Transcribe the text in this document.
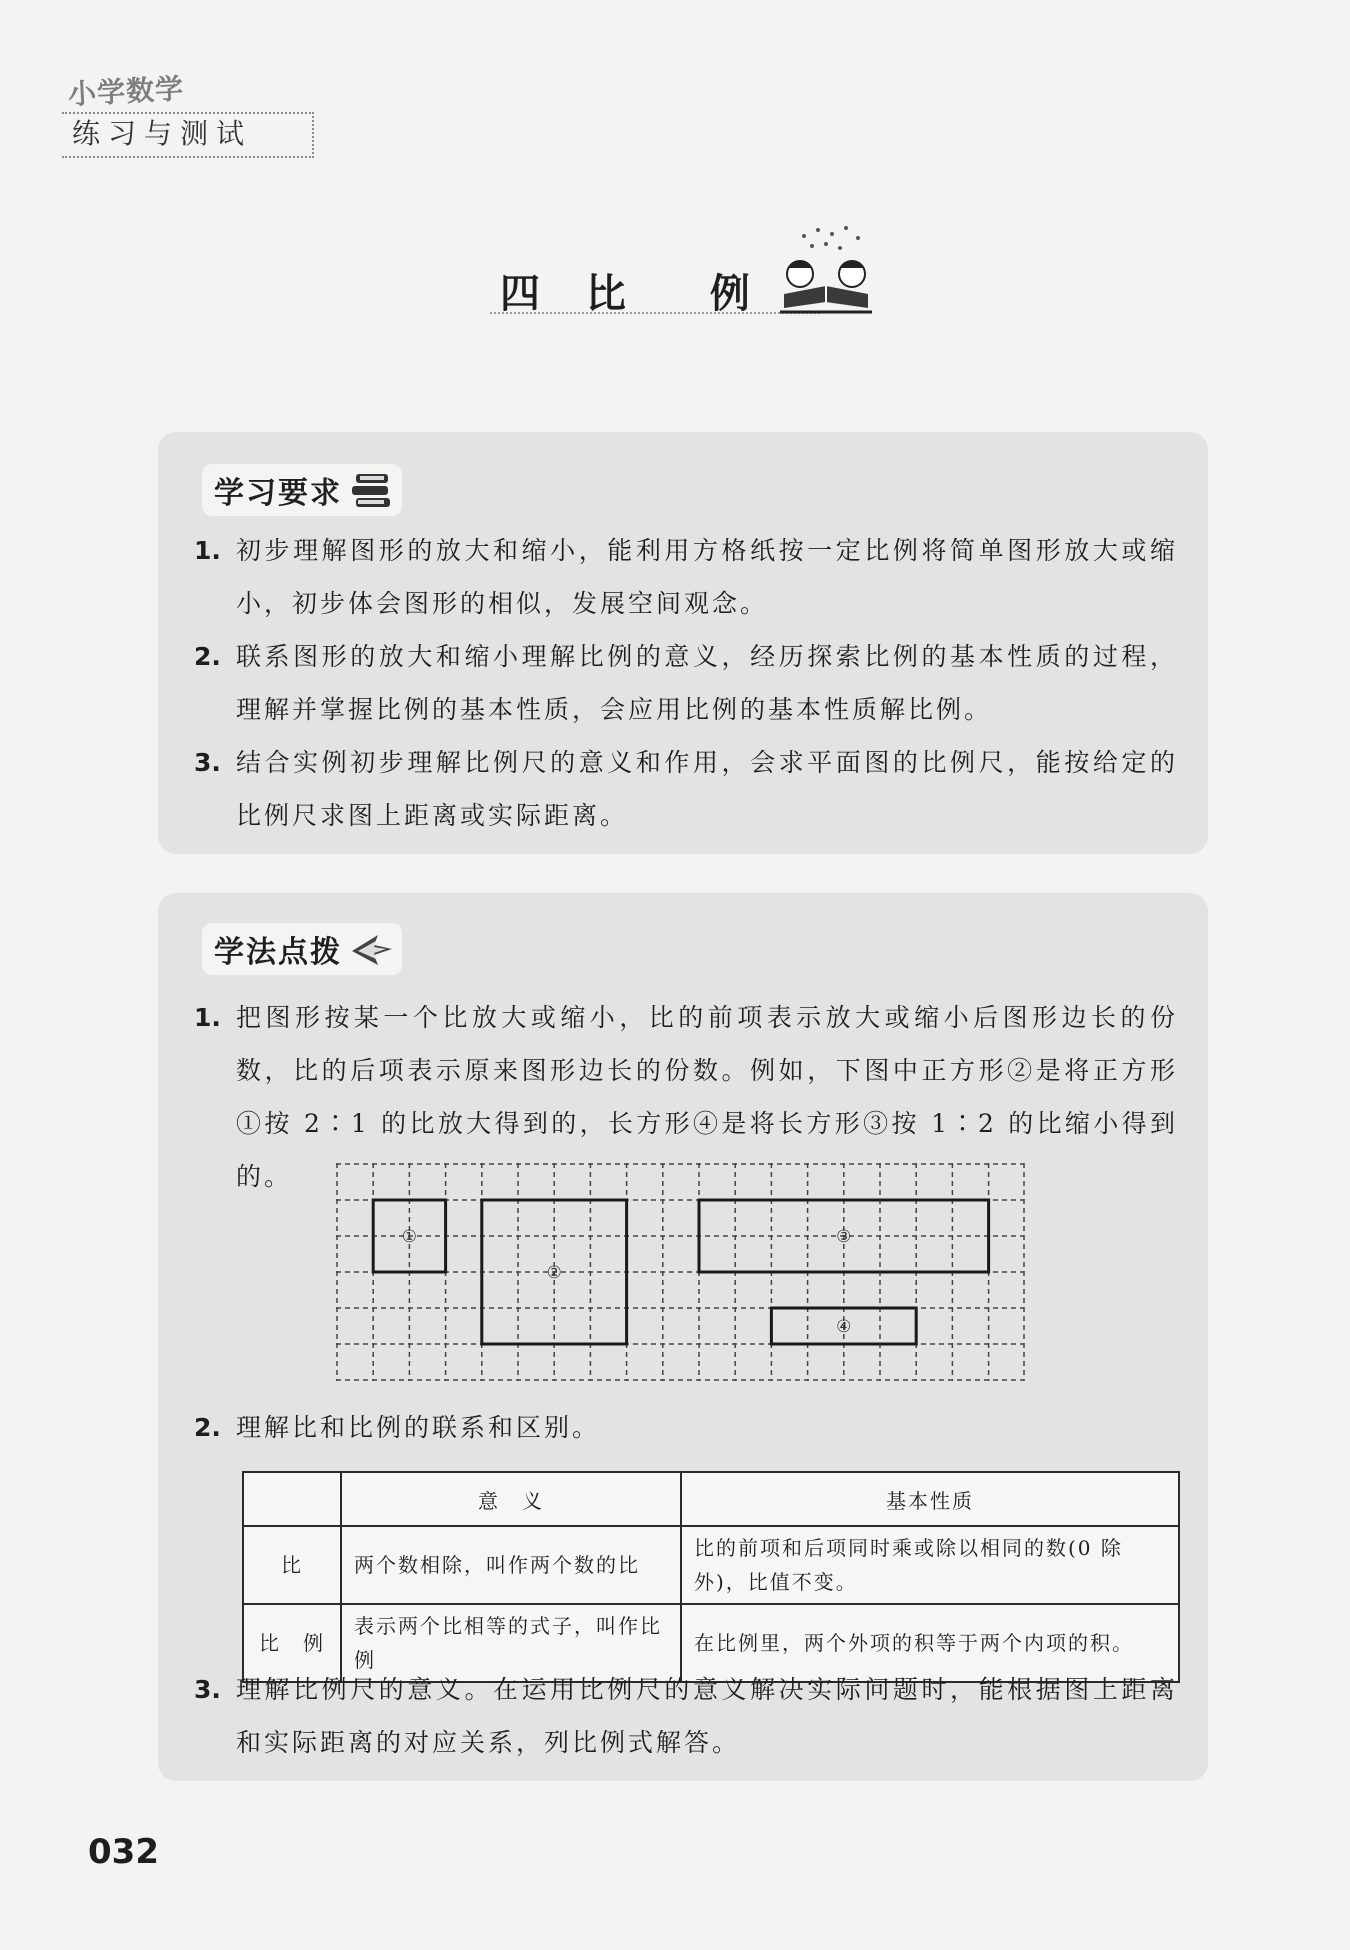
小学数学
练习与测试
四
比 例
学习要求
1. 初步理解图形的放大和缩小，能利用方格纸按一定比例将简单图形放大或缩小，初步体会图形的相似，发展空间观念。
2. 联系图形的放大和缩小理解比例的意义，经历探索比例的基本性质的过程，理解并掌握比例的基本性质，会应用比例的基本性质解比例。
3. 结合实例初步理解比例尺的意义和作用，会求平面图的比例尺，能按给定的比例尺求图上距离或实际距离。
学法点拨
1. 把图形按某一个比放大或缩小，比的前项表示放大或缩小后图形边长的份数，比的后项表示原来图形边长的份数。例如，下图中正方形②是将正方形①按 2∶1 的比放大得到的，长方形④是将长方形③按 1∶2 的比缩小得到的。
①
②
③
④
2. 理解比和比例的联系和区别。
	意　义	基本性质
比	两个数相除，叫作两个数的比	比的前项和后项同时乘或除以相同的数(0 除外)，比值不变。
比　例	表示两个比相等的式子，叫作比例	在比例里，两个外项的积等于两个内项的积。
3. 理解比例尺的意义。在运用比例尺的意义解决实际问题时，能根据图上距离和实际距离的对应关系，列比例式解答。
032
